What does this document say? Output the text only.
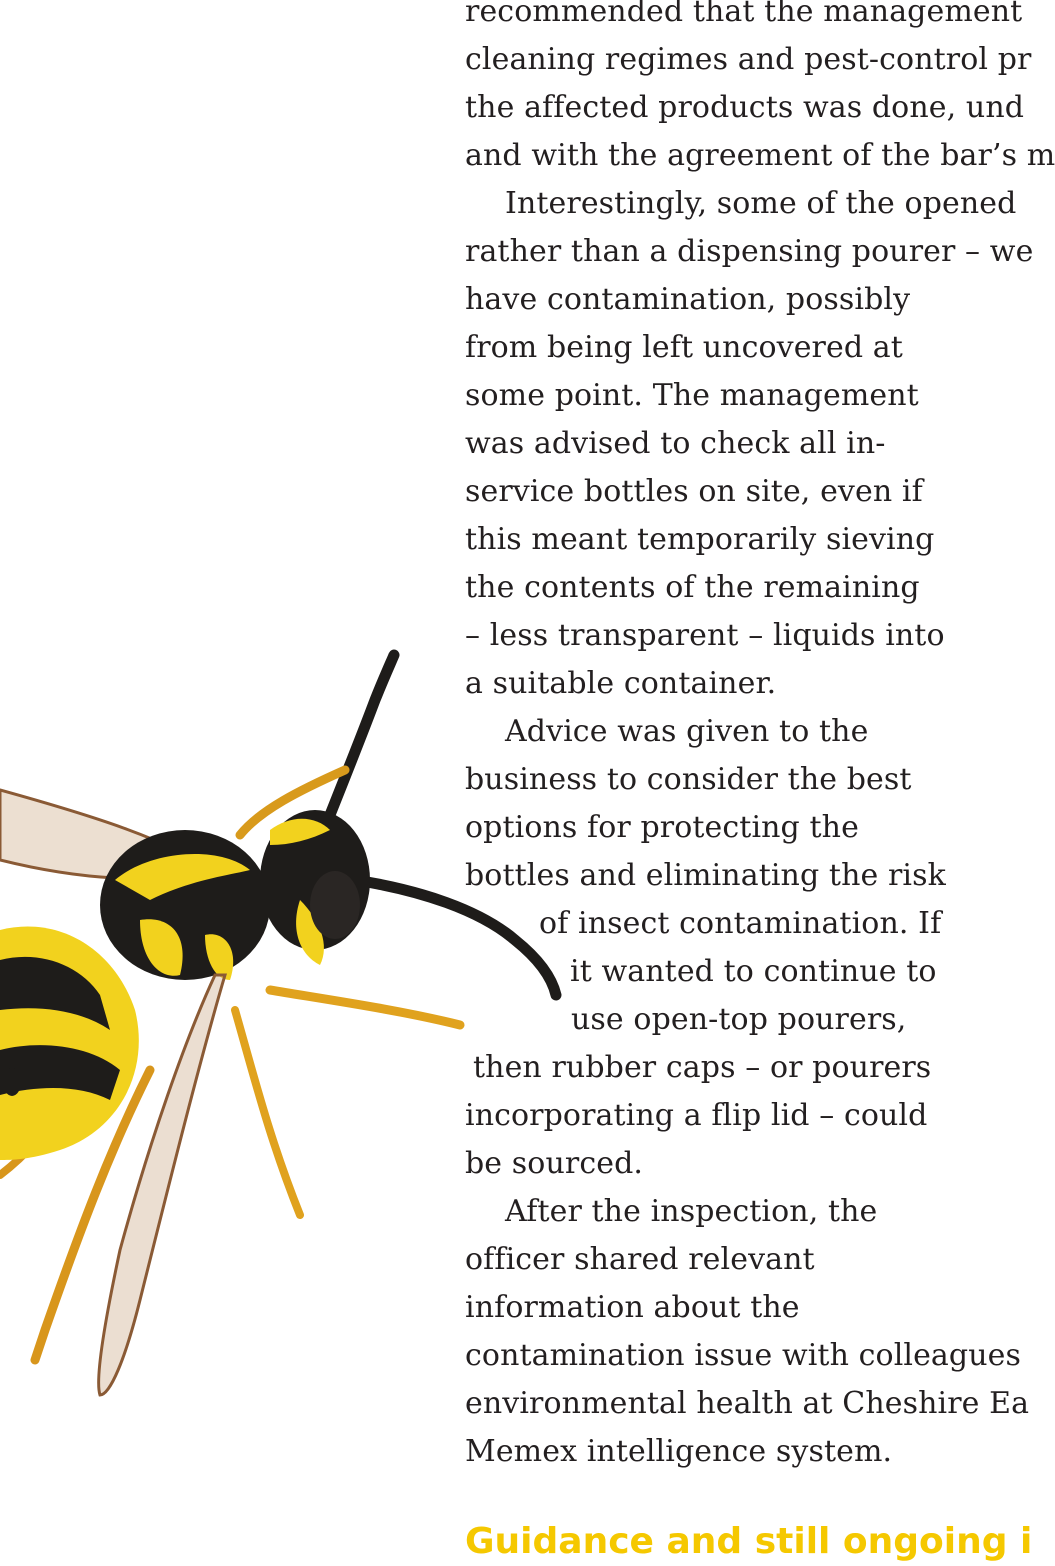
recommended that the management
cleaning regimes and pest-control pr
the affected products was done, und
and with the agreement of the bar’s m
Interestingly, some of the opened
rather than a dispensing pourer – we
have contamination, possibly
from being left uncovered at
some point. The management
was advised to check all in-
service bottles on site, even if
this meant temporarily sieving
the contents of the remaining
– less transparent – liquids into
a suitable container.
Advice was given to the
business to consider the best
options for protecting the
bottles and eliminating the risk
of insect contamination. If
it wanted to continue to
use open-top pourers,
then rubber caps – or pourers
incorporating a flip lid – could
be sourced.
After the inspection, the
officer shared relevant
information about the
contamination issue with colleagues
environmental health at Cheshire Ea
Memex intelligence system.
Guidance and still ongoing i
